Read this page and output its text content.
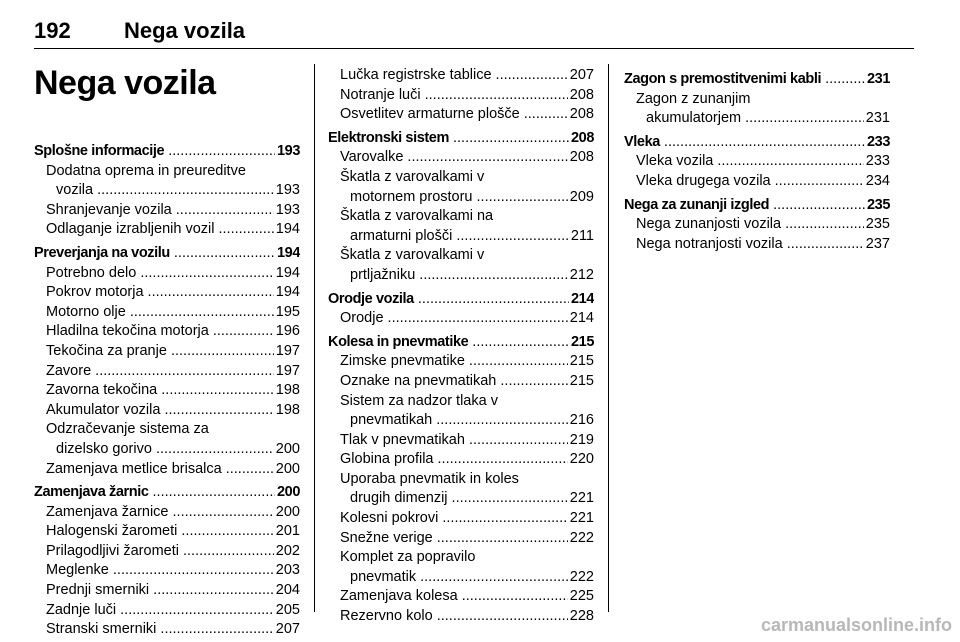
192 Nega vozila
Nega vozila
Splošne informacije .....	193
Dodatna oprema in preureditve
vozila .....	193
Shranjevanje vozila .....	193
Odlaganje izrabljenih vozil .....	194
Preverjanja na vozilu .....	194
Potrebno delo .....	194
Pokrov motorja .....	194
Motorno olje .....	195
Hladilna tekočina motorja .....	196
Tekočina za pranje .....	197
Zavore .....	197
Zavorna tekočina .....	198
Akumulator vozila .....	198
Odzračevanje sistema za
dizelsko gorivo .....	200
Zamenjava metlice brisalca .....	200
Zamenjava žarnic .....	200
Zamenjava žarnice .....	200
Halogenski žarometi .....	201
Prilagodljivi žarometi .....	202
Meglenke .....	203
Prednji smerniki .....	204
Zadnje luči .....	205
Stranski smerniki .....	207
Lučka registrske tablice .....	207
Notranje luči .....	208
Osvetlitev armaturne plošče .....	208
Elektronski sistem .....	208
Varovalke .....	208
Škatla z varovalkami v
motornem prostoru .....	209
Škatla z varovalkami na
armaturni plošči .....	211
Škatla z varovalkami v
prtljažniku .....	212
Orodje vozila .....	214
Orodje .....	214
Kolesa in pnevmatike .....	215
Zimske pnevmatike .....	215
Oznake na pnevmatikah .....	215
Sistem za nadzor tlaka v
pnevmatikah .....	216
Tlak v pnevmatikah .....	219
Globina profila .....	220
Uporaba pnevmatik in koles
drugih dimenzij .....	221
Kolesni pokrovi .....	221
Snežne verige .....	222
Komplet za popravilo
pnevmatik .....	222
Zamenjava kolesa .....	225
Rezervno kolo .....	228
Zagon s premostitvenimi kabli .....	231
Zagon z zunanjim
akumulatorjem .....	231
Vleka .....	233
Vleka vozila .....	233
Vleka drugega vozila .....	234
Nega za zunanji izgled .....	235
Nega zunanjosti vozila .....	235
Nega notranjosti vozila .....	237
carmanualsonline.info
